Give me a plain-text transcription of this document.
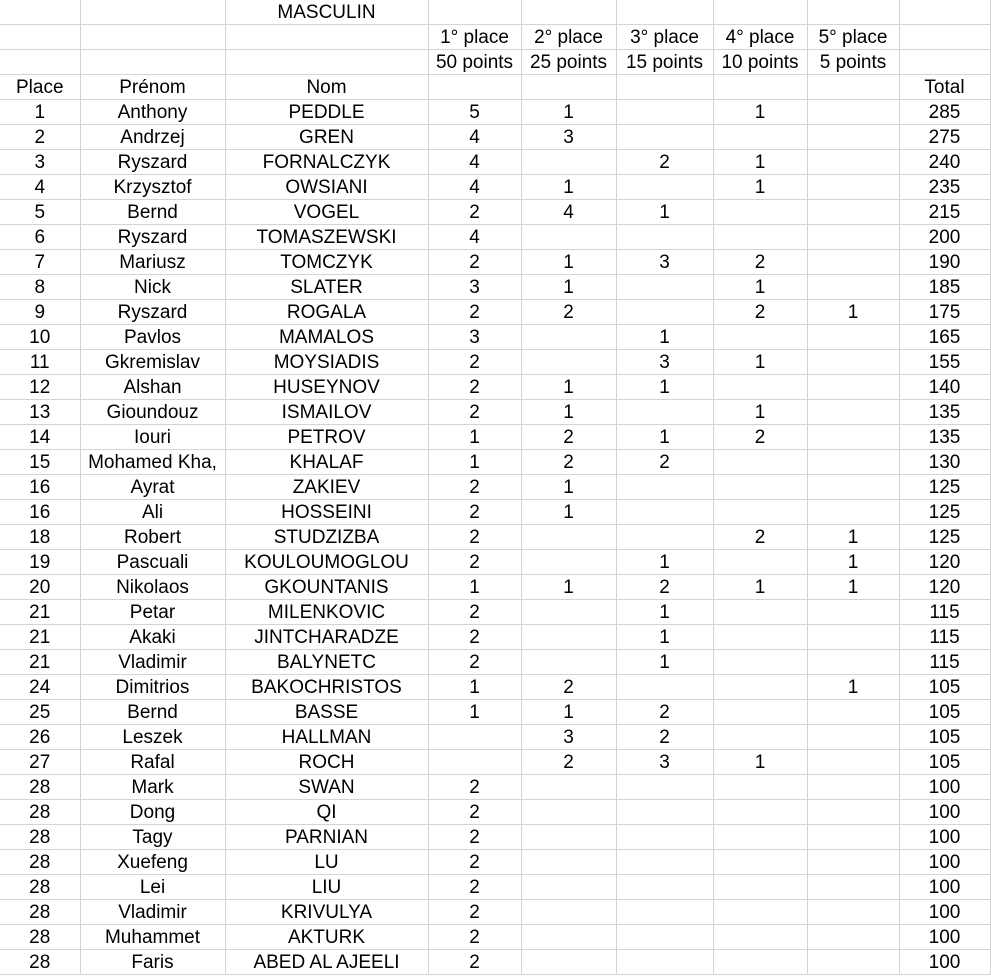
		MASCULIN						
			1° place	2° place	3° place	4° place	5° place	
			50 points	25 points	15 points	10 points	5 points	
Place	Prénom	Nom						Total
1	Anthony	PEDDLE	5	1		1		285
2	Andrzej	GREN	4	3				275
3	Ryszard	FORNALCZYK	4		2	1		240
4	Krzysztof	OWSIANI	4	1		1		235
5	Bernd	VOGEL	2	4	1			215
6	Ryszard	TOMASZEWSKI	4					200
7	Mariusz	TOMCZYK	2	1	3	2		190
8	Nick	SLATER	3	1		1		185
9	Ryszard	ROGALA	2	2		2	1	175
10	Pavlos	MAMALOS	3		1			165
11	Gkremislav	MOYSIADIS	2		3	1		155
12	Alshan	HUSEYNOV	2	1	1			140
13	Gioundouz	ISMAILOV	2	1		1		135
14	Iouri	PETROV	1	2	1	2		135
15	Mohamed Kha,	KHALAF	1	2	2			130
16	Ayrat	ZAKIEV	2	1				125
16	Ali	HOSSEINI	2	1				125
18	Robert	STUDZIZBA	2			2	1	125
19	Pascuali	KOULOUMOGLOU	2		1		1	120
20	Nikolaos	GKOUNTANIS	1	1	2	1	1	120
21	Petar	MILENKOVIC	2		1			115
21	Akaki	JINTCHARADZE	2		1			115
21	Vladimir	BALYNETC	2		1			115
24	Dimitrios	BAKOCHRISTOS	1	2			1	105
25	Bernd	BASSE	1	1	2			105
26	Leszek	HALLMAN		3	2			105
27	Rafal	ROCH		2	3	1		105
28	Mark	SWAN	2					100
28	Dong	QI	2					100
28	Tagy	PARNIAN	2					100
28	Xuefeng	LU	2					100
28	Lei	LIU	2					100
28	Vladimir	KRIVULYA	2					100
28	Muhammet	AKTURK	2					100
28	Faris	ABED AL AJEELI	2					100
